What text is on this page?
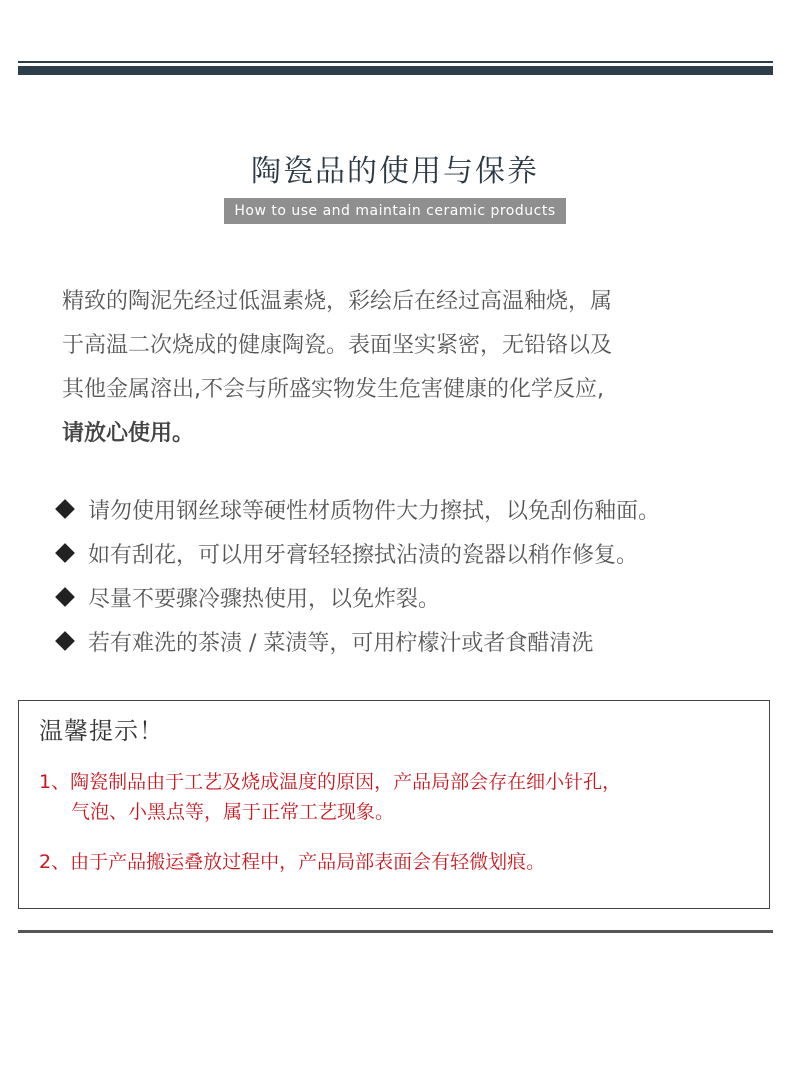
陶瓷品的使用与保养
How to use and maintain ceramic products

精致的陶泥先经过低温素烧，彩绘后在经过高温釉烧，属

于高温二次烧成的健康陶瓷。表面坚实紧密，无铅铬以及

其他金属溶出,不会与所盛实物发生危害健康的化学反应,

请放心使用。

请勿使用钢丝球等硬性材质物件大力擦拭，以免刮伤釉面。
如有刮花，可以用牙膏轻轻擦拭沾渍的瓷器以稍作修复。
尽量不要骤冷骤热使用，以免炸裂。
若有难洗的茶渍 / 菜渍等，可用柠檬汁或者食醋清洗
温馨提示！
1、陶瓷制品由于工艺及烧成温度的原因，产品局部会存在细小针孔，
气泡、小黑点等，属于正常工艺现象。
2、由于产品搬运叠放过程中，产品局部表面会有轻微划痕。
